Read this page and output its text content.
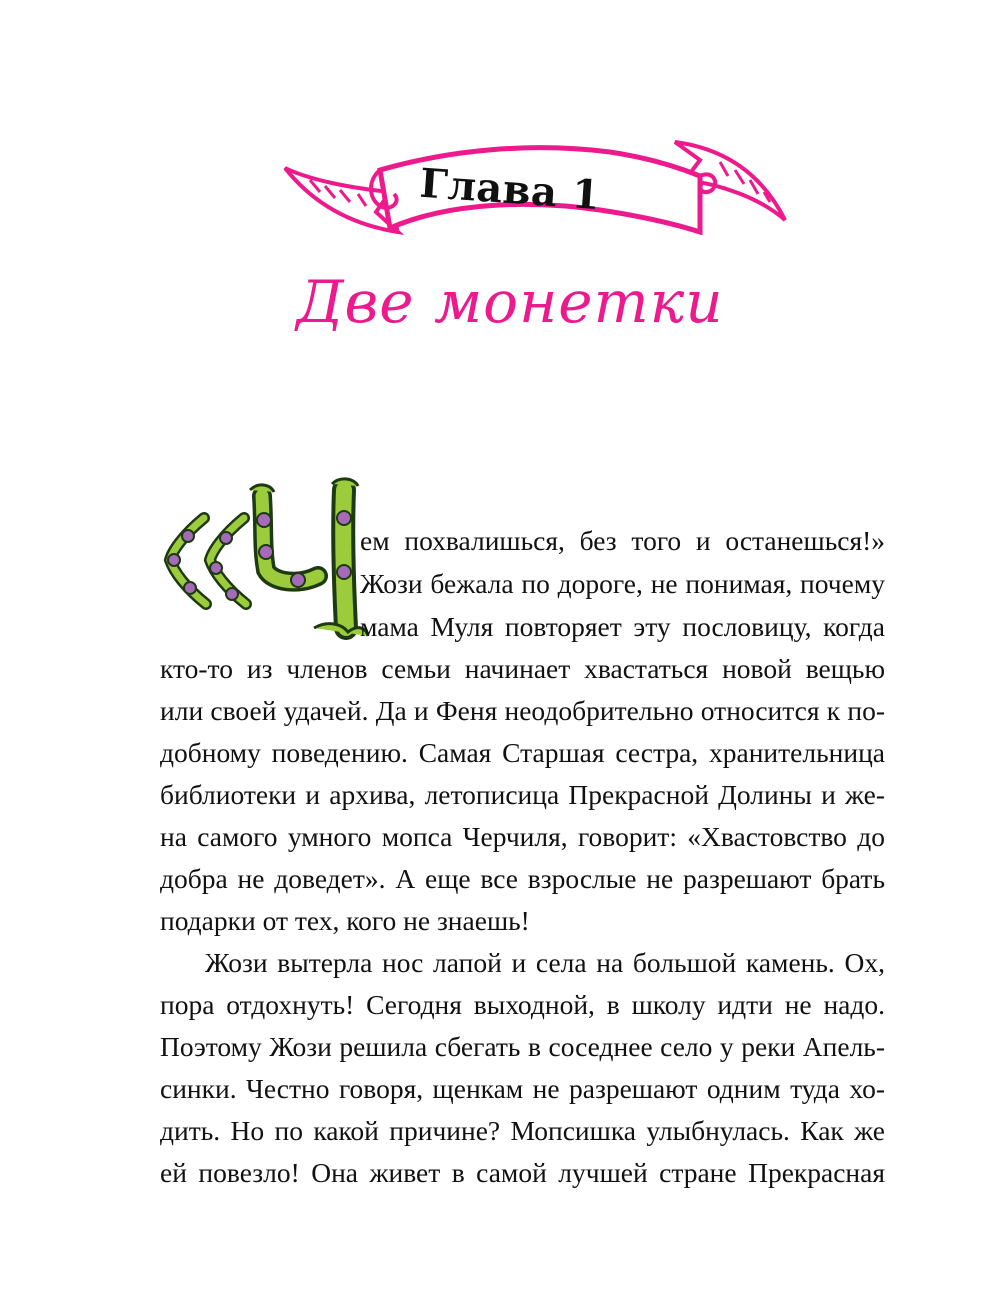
Глава 1
Две монетки
ем похвалишься, без того и останешься!»
Жози бежала по дороге, не понимая, почему
мама Муля повторяет эту пословицу, когда
кто-то из членов семьи начинает хвастаться новой вещью
или своей удачей. Да и Феня неодобрительно относится к по-
добному поведению. Самая Старшая сестра, хранительница
библиотеки и архива, летописица Прекрасной Долины и же-
на самого умного мопса Черчиля, говорит: «Хвастовство до
добра не доведет». А еще все взрослые не разрешают брать
подарки от тех, кого не знаешь!
Жози вытерла нос лапой и села на большой камень. Ох,
пора отдохнуть! Сегодня выходной, в школу идти не надо.
Поэтому Жози решила сбегать в соседнее село у реки Апель-
синки. Честно говоря, щенкам не разрешают одним туда хо-
дить. Но по какой причине? Мопсишка улыбнулась. Как же
ей повезло! Она живет в самой лучшей стране Прекрасная
